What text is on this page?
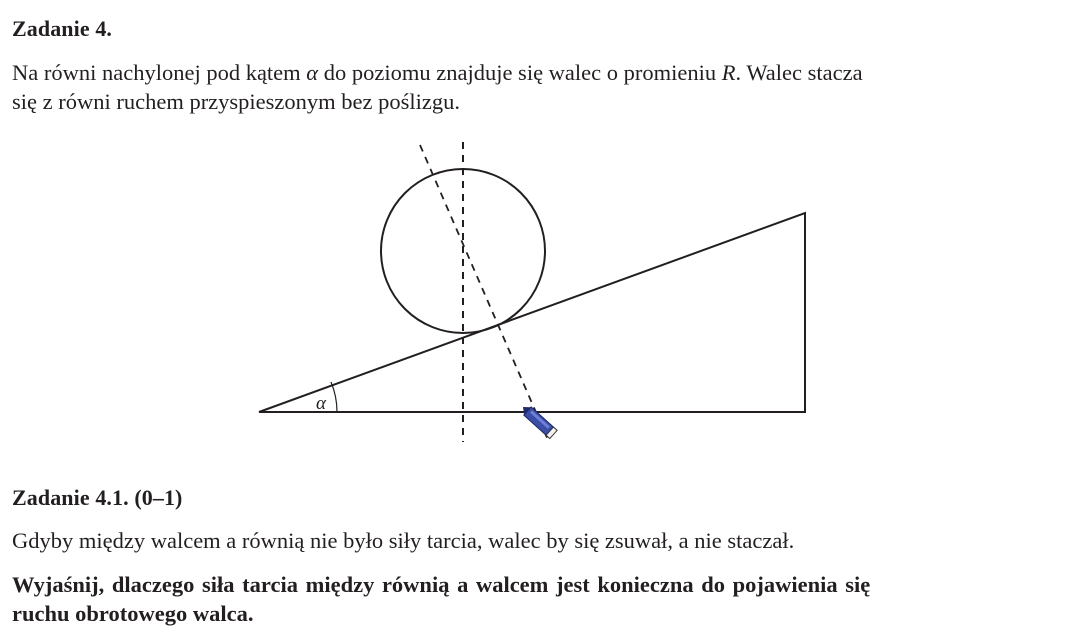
Zadanie 4.
Na równi nachylonej pod kątem α do poziomu znajduje się walec o promieniu R. Walec stacza
się z równi ruchem przyspieszonym bez poślizgu.
α
Zadanie 4.1. (0–1)
Gdyby między walcem a równią nie było siły tarcia, walec by się zsuwał, a nie staczał.
Wyjaśnij, dlaczego siła tarcia między równią a walcem jest konieczna do pojawienia się
ruchu obrotowego walca.
